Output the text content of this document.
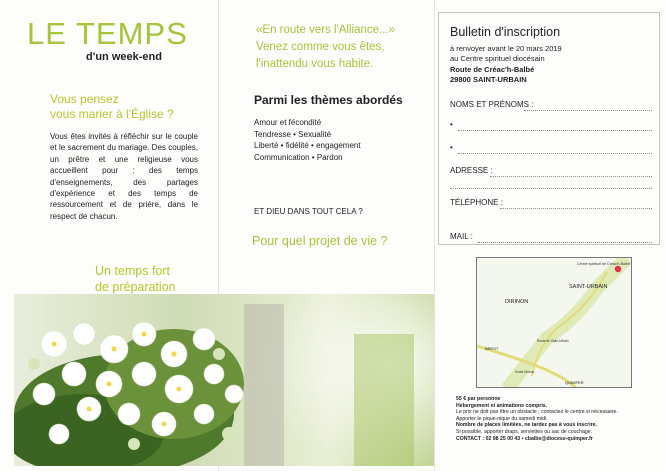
LE TEMPS
d'un week-end
Vous pensez
vous marier à l'Église ?
Vous êtes invités à réfléchir sur le couple et le sacrement du mariage. Des couples, un prêtre et une religieuse vous accueillent pour : des temps d'enseignements, des partages d'expérience et des temps de ressourcement et de prière, dans le respect de chacun.
Un temps fort
de préparation
«En route vers l'Alliance...»
Venez comme vous êtes,
l'inattendu vous habite.
Parmi les thèmes abordés
Amour et fécondité
Tendresse • Sexualité
Liberté • fidélité • engagement
Communication • Pardon
ET DIEU DANS TOUT CELA ?
Pour quel projet de vie ?
Bulletin d'inscription
à renvoyer avant le 20 mars 2019
au Centre spirituel diocésain
Route de Créac'h-Balbé
29800 SAINT-URBAIN
NOMS ET PRÉNOMS :
•
•
ADRESSE :
TÉLÉPHONE :
MAIL :
Centre spirituel de Créac'h-Balbé
SAINT-URBAIN
DIRINON
BREST
QUIMPER
Route de Saint-Urbain
Sortie Dirinon
55 € par personne
Hébergement et animations compris.
Le prix ne doit pas être un obstacle ; contactez le centre si nécessaire. Apporter le pique-nique du samedi midi.
Nombre de places limitées, ne tardez pas à vous inscrire.
Si possible, apporter draps, serviettes ou sac de couchage.
CONTACT : 02 98 25 00 43 • cbalbe@diocese-quimper.fr
